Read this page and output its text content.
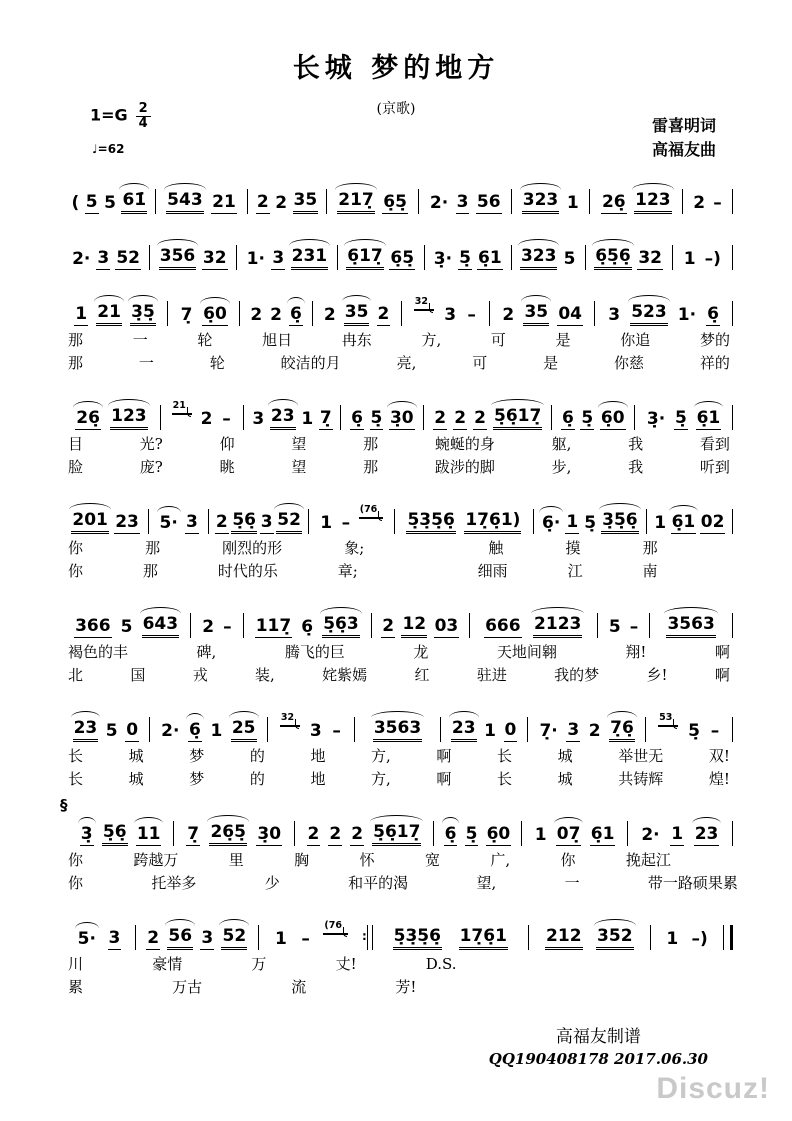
长城 梦的地方
(京歌)
$1=G \frac{2}{4}$
♩=62
雷喜明词
高福友曲
( 5 5 61̇ 543 21 2 2 35 217̣ 6̣5̣ 2· 3 56 323 1 26̣ 123 2 –
2· 3 52 356 32 1· 3 231 6̣17̣ 6̣5̣ 3̣· 5̣ 6̣1 323 5 6̣5̣6̣ 32 1 –)
1 21 3̣5̣ 7̣ 6̣0 2 2 6̣ 2 35 2
32
3 – 2 35 04 3 523 1· 6̣
那	一	轮	旭日	冉东	方,	可	是	你追	梦的
那	一	轮	皎洁的月	亮,	可	是	你慈	祥的
26̣ 123
21
2 – 3 23 1 7̣ 6̣ 5̣ 3̣0 2 2 2 5̣6̣17̣ 6̣ 5̣ 6̣0 3̣· 5̣ 6̣1
目	光?	仰	望	那	蜿蜒的身	躯,	我	看到
脸	庞?	眺	望	那	跋涉的脚	步,	我	听到
201 23 5· 3 2 5̣6̣ 3 52 1 –
(76
5̣3̣5̣6̣ 17̣6̣1) 6̣· 1 5̣ 3̣5̣6̣ 1 6̣1 02
你	那	刚烈的形	象;	触	摸	那
你	那	时代的乐	章;	细雨	江	南
366 5 643 2 – 117̣ 6̣ 5̣6̣3 2 12 03 666 2123 5 – 3563
褐色的丰	碑,	腾飞的巨	龙	天地间翱	翔!	啊
北	国	戎	装,	姹紫嫣	红	驻进	我的梦	乡!	啊
23 5 0 2· 6̣ 1 25
32
3 – 3563 23 1 0 7̣· 3 2 7̣6̣
53
5̣ –
长	城	梦	的	地	方,	啊	长	城	举世无	双!
长	城	梦	的	地	方,	啊	长	城	共铸辉	煌!
§
3̣ 5̣6̣ 11 7̣ 26̣5̣ 3̣0 2 2 2 5̣6̣17̣ 6̣ 5̣ 6̣0 1 07̣ 6̣1 2· 1 23
你	跨越万	里	胸	怀	宽	广,	你	挽起江
你	托举多	少	和平的渴	望,	一	带一路硕果累
5· 3 2 56 3 52 1 –
(76
∶ 5̣3̣5̣6̣ 17̣6̣1 212 352 1 –)
川	豪情	万	丈!	D.S.
累	万古	流	芳!
高福友制谱
QQ190408178 2017.06.30
Discuz!
